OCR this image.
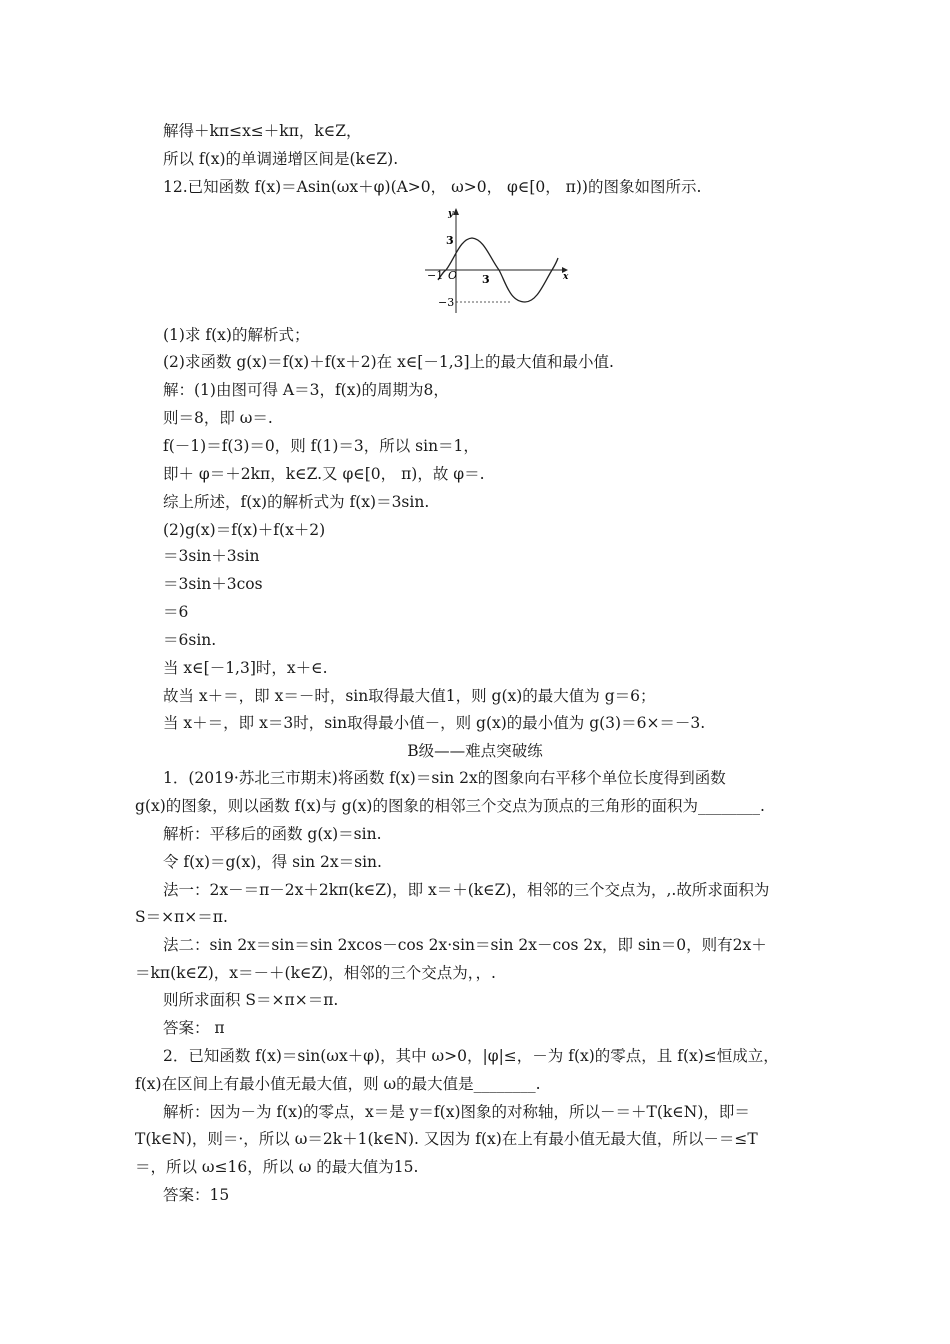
解得＋kπ≤x≤＋kπ，k∈Z，
所以 f(x)的单调递增区间是(k∈Z).
12.已知函数 f(x)＝Asin(ωx＋φ)(A>0， ω>0， φ∈[0， π))的图象如图所示.
y
x
3
−1 O 3
−3
(1)求 f(x)的解析式；
(2)求函数 g(x)＝f(x)＋f(x＋2)在 x∈[－1,3]上的最大值和最小值.
解：(1)由图可得 A＝3，f(x)的周期为8，
则＝8，即 ω＝.
f(－1)＝f(3)＝0，则 f(1)＝3，所以 sin＝1，
即＋ φ＝＋2kπ，k∈Z.又 φ∈[0， π)，故 φ＝.
综上所述，f(x)的解析式为 f(x)＝3sin.
(2)g(x)＝f(x)＋f(x＋2)
＝3sin＋3sin
＝3sin＋3cos
＝6
＝6sin.
当 x∈[－1,3]时，x＋∈.
故当 x＋＝，即 x＝－时，sin取得最大值1，则 g(x)的最大值为 g＝6；
当 x＋＝，即 x＝3时，sin取得最小值－，则 g(x)的最小值为 g(3)＝6×＝－3.
B级——难点突破练
1．(2019·苏北三市期末)将函数 f(x)＝sin 2x的图象向右平移个单位长度得到函数
g(x)的图象，则以函数 f(x)与 g(x)的图象的相邻三个交点为顶点的三角形的面积为________.
解析：平移后的函数 g(x)＝sin.
令 f(x)＝g(x)，得 sin 2x＝sin.
法一：2x－＝π－2x＋2kπ(k∈Z)，即 x＝＋(k∈Z)，相邻的三个交点为，,.故所求面积为
S＝×π×＝π.
法二：sin 2x＝sin＝sin 2xcos－cos 2x·sin＝sin 2x－cos 2x，即 sin＝0，则有2x＋
＝kπ(k∈Z)，x＝－＋(k∈Z)，相邻的三个交点为，，.
则所求面积 S＝×π×＝π.
答案： π
2．已知函数 f(x)＝sin(ωx＋φ)，其中 ω>0，|φ|≤，－为 f(x)的零点，且 f(x)≤恒成立，
f(x)在区间上有最小值无最大值，则 ω的最大值是________.
解析：因为－为 f(x)的零点，x＝是 y＝f(x)图象的对称轴，所以－＝＋T(k∈N)，即＝
T(k∈N)，则＝·，所以 ω＝2k＋1(k∈N). 又因为 f(x)在上有最小值无最大值，所以－＝≤T
＝，所以 ω≤16，所以 ω 的最大值为15.
答案：15
